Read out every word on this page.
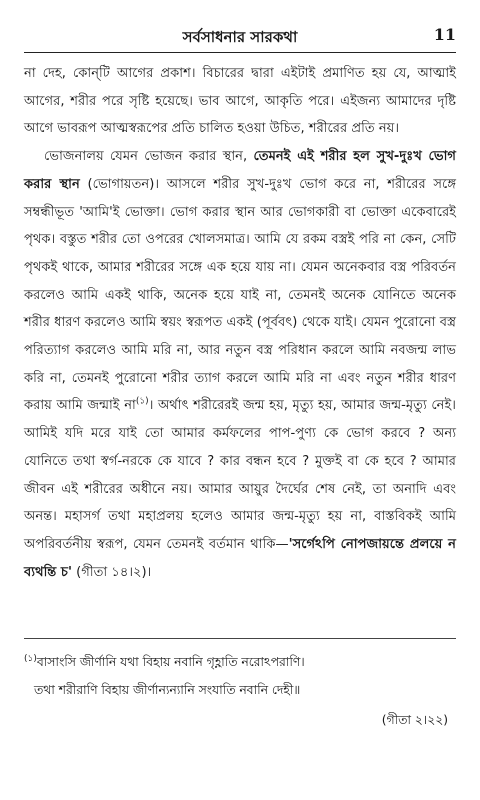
সর্বসাধনার সারকথা	11

না দেহ, কোন্‌টি আগের প্রকাশ। বিচারের দ্বারা এইটাই প্রমাণিত হয় যে, আত্মাই আগের, শরীর পরে সৃষ্টি হয়েছে। ভাব আগে, আকৃতি পরে। এইজন্য আমাদের দৃষ্টি আগে ভাবরূপ আত্মস্বরূপের প্রতি চালিত হওয়া উচিত, শরীরের প্রতি নয়।

ভোজনালয় যেমন ভোজন করার স্থান, তেমনই এই শরীর হল সুখ-দুঃখ ভোগ করার স্থান (ভোগায়তন)। আসলে শরীর সুখ-দুঃখ ভোগ করে না, শরীরের সঙ্গে সম্বন্ধীভূত 'আমি'ই ভোক্তা। ভোগ করার স্থান আর ভোগকারী বা ভোক্তা একেবারেই পৃথক। বস্তুত শরীর তো ওপরের খোলসমাত্র। আমি যে রকম বস্ত্রই পরি না কেন, সেটি পৃথকই থাকে, আমার শরীরের সঙ্গে এক হয়ে যায় না। যেমন অনেকবার বস্ত্র পরিবর্তন করলেও আমি একই থাকি, অনেক হয়ে যাই না, তেমনই অনেক যোনিতে অনেক শরীর ধারণ করলেও আমি স্বয়ং স্বরূপত একই (পূর্ববৎ) থেকে যাই। যেমন পুরোনো বস্ত্র পরিত্যাগ করলেও আমি মরি না, আর নতুন বস্ত্র পরিধান করলে আমি নবজন্ম লাভ করি না, তেমনই পুরোনো শরীর ত্যাগ করলে আমি মরি না এবং নতুন শরীর ধারণ করায় আমি জন্মাই না$^{(১)}$। অর্থাৎ শরীরেরই জন্ম হয়, মৃত্যু হয়, আমার জন্ম-মৃত্যু নেই। আমিই যদি মরে যাই তো আমার কর্মফলের পাপ-পুণ্য কে ভোগ করবে ? অন্য যোনিতে তথা স্বর্গ-নরকে কে যাবে ? কার বন্ধন হবে ? মুক্তই বা কে হবে ? আমার জীবন এই শরীরের অধীনে নয়। আমার আয়ুর দৈর্ঘের শেষ নেই, তা অনাদি এবং অনন্ত। মহাসর্গ তথা মহাপ্রলয় হলেও আমার জন্ম-মৃত্যু হয় না, বাস্তবিকই আমি অপরিবর্তনীয় স্বরূপ, যেমন তেমনই বর্তমান থাকি—'সর্গেঽপি নোপজায়ন্তে প্রলয়ে ন ব্যথন্তি চ' (গীতা ১৪।২)।

$^{(১)}$বাসাংসি জীর্ণানি যথা বিহায় নবানি গৃহ্ণাতি নরোঽপরাণি।
তথা শরীরাণি বিহায় জীর্ণান্যন্যানি সংযাতি নবানি দেহী॥
(গীতা ২।২২)
